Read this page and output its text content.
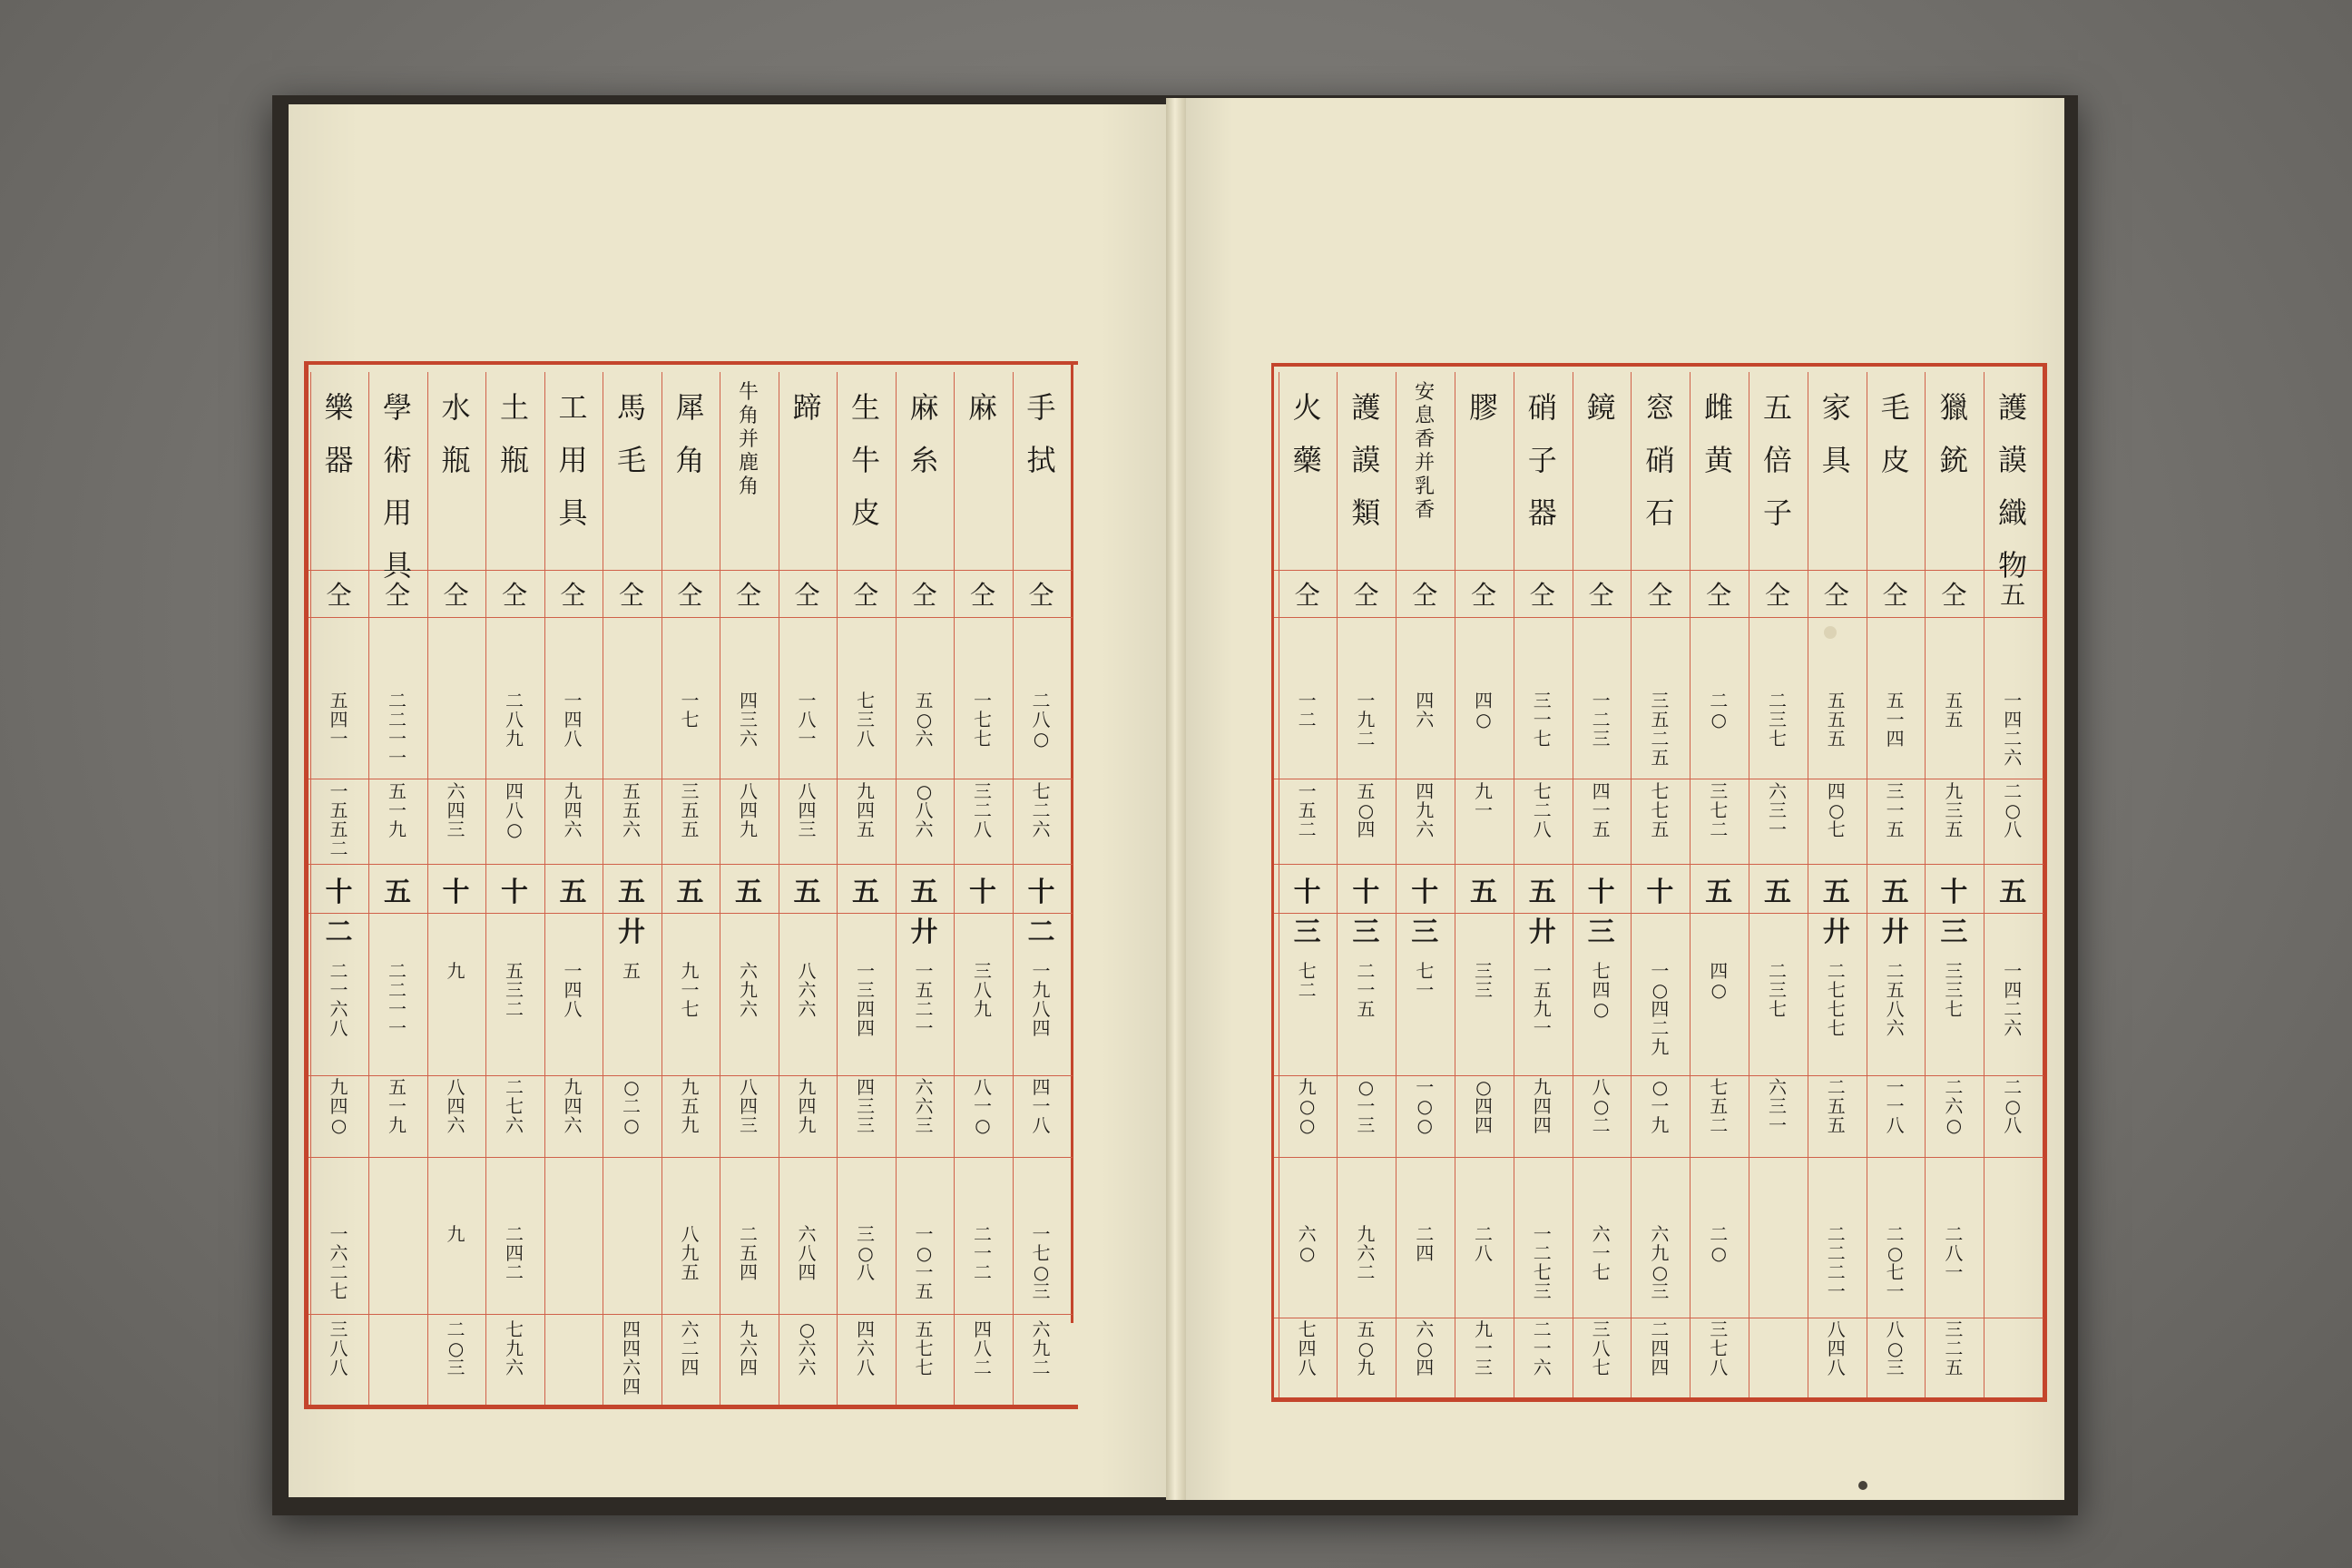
手
拭
仝
二
八
○
七
二
六
十二
一
九
八
四
四
一
八
一
七
○
三
六
九
二
麻
仝
一
七
七
三
二
八
十
三
八
九
八
一
○
二
一
二
四
八
二
麻
糸
仝
五
○
六
○
八
六
五廾
一
五
二
一
六
六
三
一
○
一
五
五
七
七
生
牛
皮
仝
七
三
八
九
四
五
五
一
三
四
四
四
三
三
三
○
八
四
六
八
蹄
仝
一
八
一
八
四
三
五
八
六
六
九
四
九
六
八
四
○
六
六
牛
角
并
鹿
角
仝
四
三
六
八
四
九
五
六
九
六
八
四
三
二
五
四
九
六
四
犀
角
仝
一
七
三
五
五
五
九
一
七
九
五
九
八
九
五
六
二
四
馬
毛
仝
五
五
六
五廾
五
○
二
○
四
四
六
四
工
用
具
仝
一
四
八
九
四
六
五
一
四
八
九
四
六
土
瓶
仝
二
八
九
四
八
○
十
五
三
二
二
七
六
二
四
二
七
九
六
水
瓶
仝
六
四
三
十
九
八
四
六
九
二
○
三
學
術
用
具
仝
二
二
一
一
五
一
九
五
二
二
一
一
五
一
九
樂
器
仝
五
四
一
一
五
五
二
十二
二
一
六
八
九
四
○
一
六
二
七
三
八
八
護
謨
織
物
五
一
四
二
六
二
○
八
五
一
四
二
六
二
○
八
獵
銃
仝
五
五
九
三
五
十三
三
三
七
二
六
○
二
八
一
三
二
五
毛
皮
仝
五
一
四
三
一
五
五廾
二
五
八
六
一
一
八
二
○
七
一
八
○
三
家
具
仝
五
五
五
四
○
七
五廾
二
七
七
七
二
五
五
二
二
二
一
八
四
八
五
倍
子
仝
二
三
七
六
三
一
五
二
三
七
六
三
一
雌
黄
仝
二
○
三
七
二
五
四
○
七
五
二
二
○
三
七
八
窓
硝
石
仝
三
五
二
五
七
七
五
十
一
○
四
二
九
○
一
九
六
九
○
三
二
四
四
鏡
仝
一
二
三
四
一
五
十三
七
四
○
八
○
二
六
一
七
三
八
七
硝
子
器
仝
三
一
七
七
二
八
五廾
一
五
九
一
九
四
四
一
二
七
三
二
一
六
膠
仝
四
○
九
一
五
三
三
○
四
四
二
八
九
一
三
安
息
香
并
乳
香
仝
四
六
四
九
六
十三
七
一
一
○
○
二
四
六
○
四
護
謨
類
仝
一
九
二
五
○
四
十三
二
一
五
○
一
三
九
六
二
五
○
九
火
藥
仝
一
二
一
五
二
十三
七
二
九
○
○
六
○
七
四
八
